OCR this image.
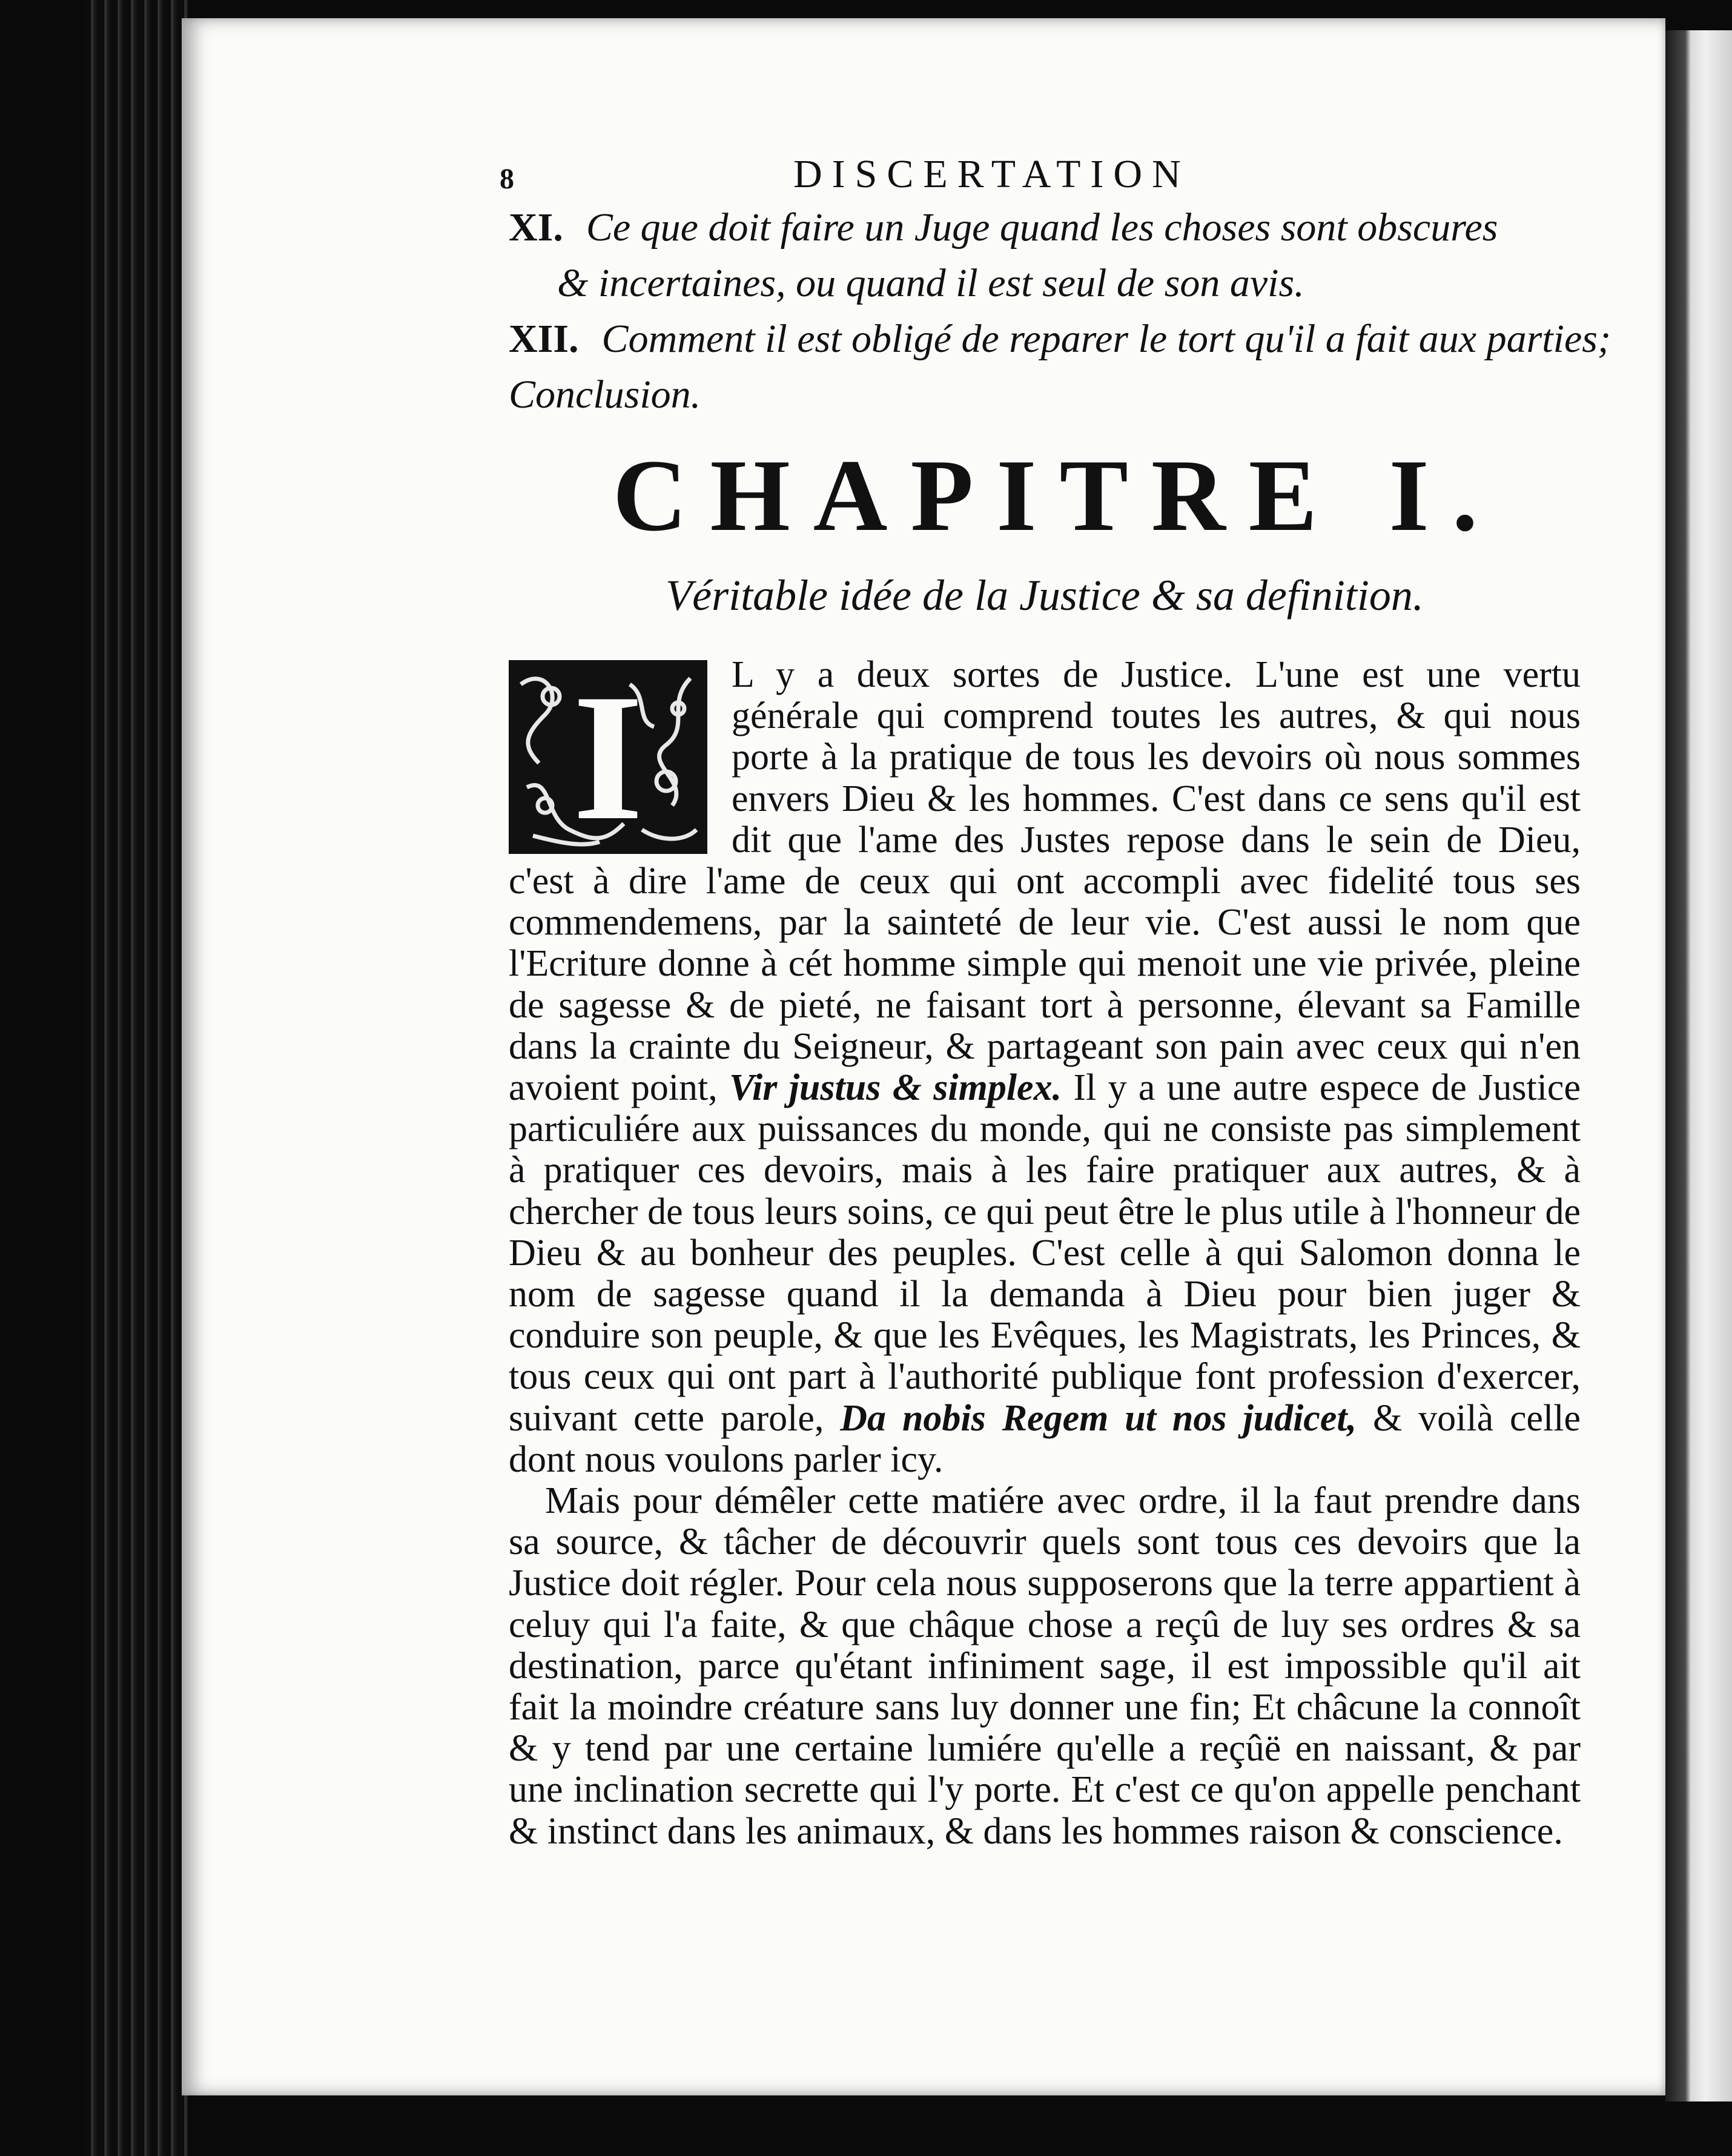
8	DISCERTATION
XI. Ce que doit faire un Juge quand les choses sont obscures
& incertaines, ou quand il est seul de son avis.
XII. Comment il est obligé de reparer le tort qu'il a fait aux parties;
Conclusion.
CHAPITRE I.
Véritable idée de la Justice & sa definition.
I	L y a deux sortes de Justice. L'une est une vertu générale qui comprend toutes les autres, & qui nous porte à la pratique de tous les devoirs où nous sommes envers Dieu & les hommes. C'est dans ce sens qu'il est dit que l'ame des Justes repose dans le sein de Dieu, c'est à dire l'ame de ceux qui ont accompli avec fidelité tous ses commendemens, par la sainteté de leur vie. C'est aussi le nom que l'Ecriture donne à cét homme simple qui menoit une vie privée, pleine de sagesse & de pieté, ne faisant tort à personne, élevant sa Famille dans la crainte du Seigneur, & partageant son pain avec ceux qui n'en avoient point, Vir justus & simplex. Il y a une autre espece de Justice particuliére aux puissances du monde, qui ne consiste pas simplement à pratiquer ces devoirs, mais à les faire pratiquer aux autres, & à chercher de tous leurs soins, ce qui peut être le plus utile à l'honneur de Dieu & au bonheur des peuples. C'est celle à qui Salomon donna le nom de sagesse quand il la demanda à Dieu pour bien juger & conduire son peuple, & que les Evêques, les Magistrats, les Princes, & tous ceux qui ont part à l'authorité publique font profession d'exercer, suivant cette parole, Da nobis Regem ut nos judicet, & voilà celle dont nous voulons parler icy.

Mais pour démêler cette matiére avec ordre, il la faut prendre dans sa source, & tâcher de découvrir quels sont tous ces devoirs que la Justice doit régler. Pour cela nous supposerons que la terre appartient à celuy qui l'a faite, & que châque chose a reçû de luy ses ordres & sa destination, parce qu'étant infiniment sage, il est impossible qu'il ait fait la moindre créature sans luy donner une fin; Et châcune la connoît & y tend par une certaine lumiére qu'elle a reçûë en naissant, & par une inclination secrette qui l'y porte. Et c'est ce qu'on appelle penchant & instinct dans les animaux, & dans les hommes raison & conscience.
